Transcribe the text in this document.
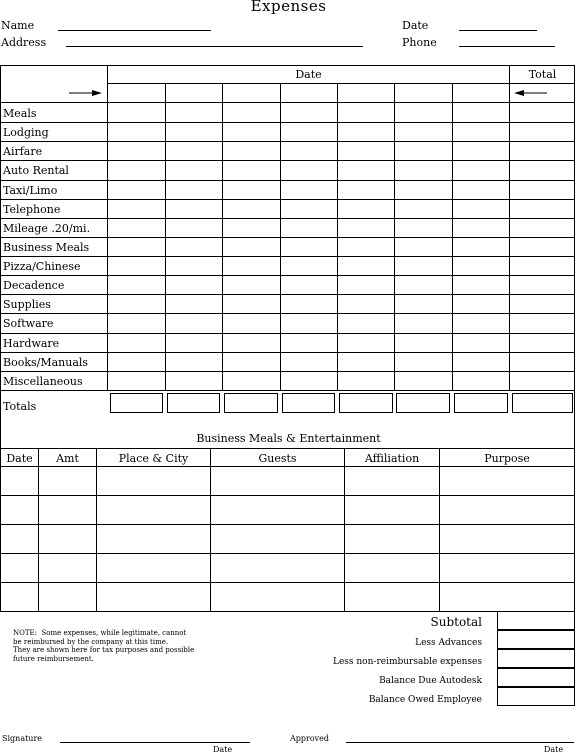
Expenses
Name
Address
Date
Phone
Date	Total
Meals
Lodging
Airfare
Auto Rental
Taxi/Limo
Telephone
Mileage .20/mi.
Business Meals
Pizza/Chinese
Decadence
Supplies
Software
Hardware
Books/Manuals
Miscellaneous
Totals
Business Meals & Entertainment
Date	Amt	Place & City	Guests	Affiliation	Purpose
NOTE:  Some expenses, while legitimate, cannot
be reimbursed by the company at this time.
They are shown here for tax purposes and possible
future reimbursement.
Subtotal
Less Advances
Less non-reimbursable expenses
Balance Due Autodesk
Balance Owed Employee
Signature
Date
Approved
Date
